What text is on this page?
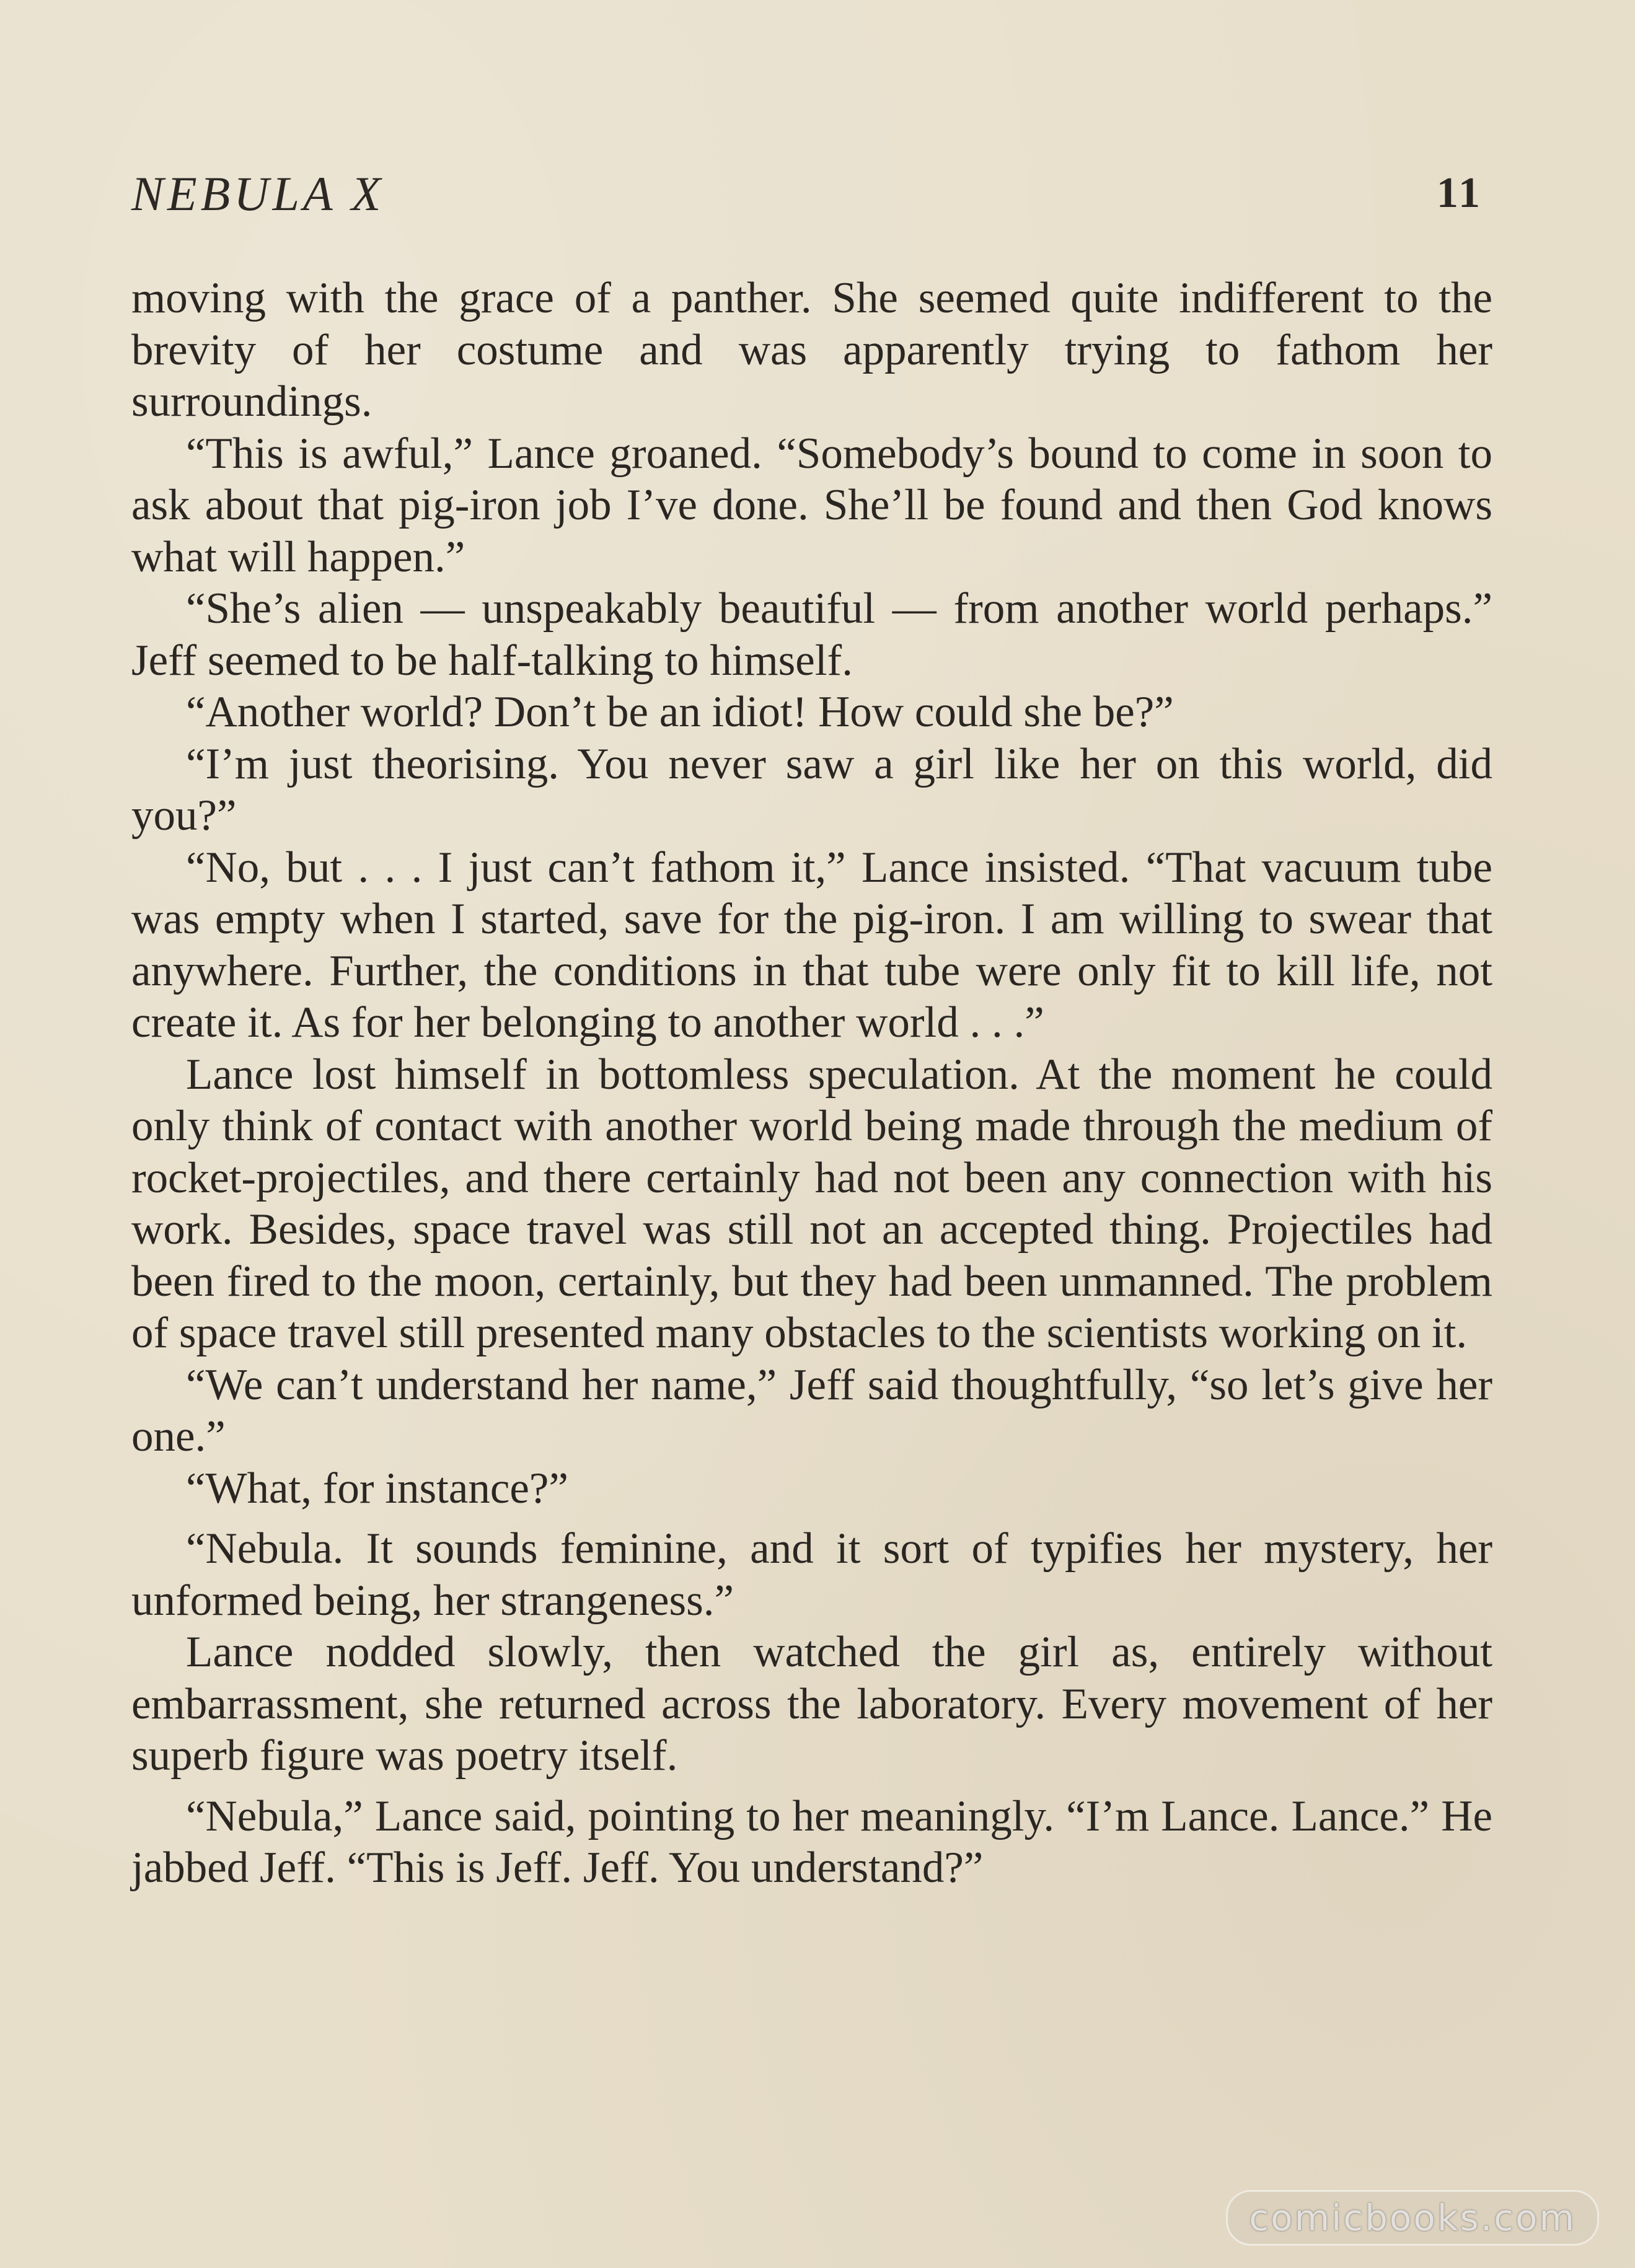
NEBULA X	11

moving with the grace of a panther. She seemed quite indifferent to the brevity of her costume and was apparently trying to fathom her surroundings.

“This is awful,” Lance groaned. “Somebody’s bound to come in soon to ask about that pig-iron job I’ve done. She’ll be found and then God knows what will happen.”

“She’s alien — unspeakably beautiful — from another world perhaps.” Jeff seemed to be half-talking to himself.

“Another world? Don’t be an idiot! How could she be?”

“I’m just theorising. You never saw a girl like her on this world, did you?”

“No, but . . . I just can’t fathom it,” Lance insisted. “That vacuum tube was empty when I started, save for the pig-iron. I am willing to swear that anywhere. Further, the conditions in that tube were only fit to kill life, not create it. As for her belonging to another world . . .”

Lance lost himself in bottomless speculation. At the moment he could only think of contact with another world being made through the medium of rocket-projectiles, and there certainly had not been any connection with his work. Besides, space travel was still not an accepted thing. Projectiles had been fired to the moon, certainly, but they had been unmanned. The problem of space travel still presented many obstacles to the scientists working on it.

“We can’t understand her name,” Jeff said thoughtfully, “so let’s give her one.”

“What, for instance?”

“Nebula. It sounds feminine, and it sort of typifies her mystery, her unformed being, her strangeness.”

Lance nodded slowly, then watched the girl as, entirely without embarrassment, she returned across the laboratory. Every movement of her superb figure was poetry itself.

“Nebula,” Lance said, pointing to her meaningly. “I’m Lance. Lance.” He jabbed Jeff. “This is Jeff. Jeff. You understand?”

comicbooks.com
